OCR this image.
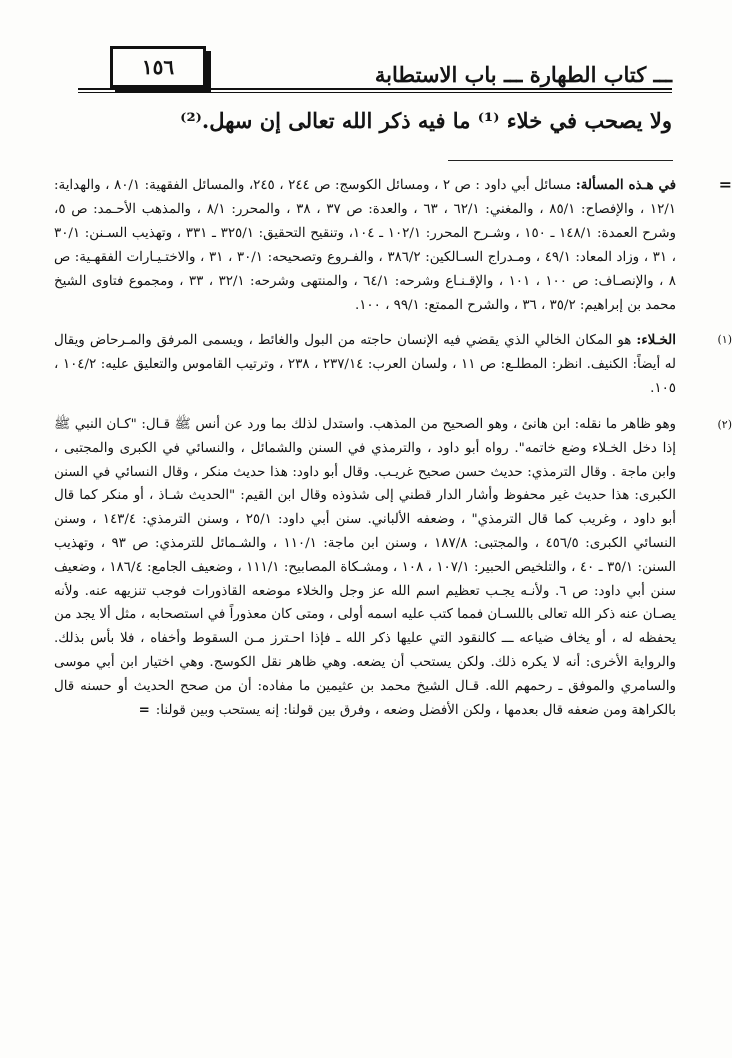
١٥٦	ـــ كتاب الطهارة ـــ باب الاستطابة
ولا يصحب في خلاء ⁽¹⁾ ما فيه ذكر الله تعالى إن سهل.⁽²⁾
=
في هـذه المسألة: مسائل أبي داود : ص ٢ ، ومسائل الكوسج: ص ٢٤٤ ، ٢٤٥، والمسائل الفقهية: ٨٠/١ ، والهداية: ١٢/١ ، والإفصاح: ٨٥/١ ، والمغني: ٦٢/١ ، ٦٣ ، والعدة: ص ٣٧ ، ٣٨ ، والمحرر: ٨/١ ، والمذهب الأحـمد: ص ٥، وشرح العمدة: ١٤٨/١ ـ ١٥٠ ، وشـرح المحرر: ١٠٢/١ ـ ١٠٤، وتنقيح التحقيق: ٣٢٥/١ ـ ٣٣١ ، وتهذيب السـنن: ٣٠/١ ، ٣١ ، وزاد المعاد: ٤٩/١ ، ومـدراج السـالكين: ٣٨٦/٢ ، والفـروع وتصحيحه: ٣٠/١ ، ٣١ ، والاختـيـارات الفقهـية: ص ٨ ، والإنصـاف: ص ١٠٠ ، ١٠١ ، والإقـنـاع وشرحه: ٦٤/١ ، والمنتهى وشرحه: ٣٢/١ ، ٣٣ ، ومجموع فتاوى الشيخ محمد بن إبراهيم: ٣٥/٢ ، ٣٦ ، والشرح الممتع: ٩٩/١ ، ١٠٠.
(١)
الخـلاء: هو المكان الخالي الذي يقضي فيه الإنسان حاجته من البول والغائط ، ويسمى المرفق والمـرحاض ويقال له أيضاً: الكنيف. انظر: المطلـع: ص ١١ ، ولسان العرب: ٢٣٧/١٤ ، ٢٣٨ ، وترتيب القاموس والتعليق عليه: ١٠٤/٢ ، ١٠٥.
(٢)
وهو ظاهر ما نقله: ابن هانئ ، وهو الصحيح من المذهب. واستدل لذلك بما ورد عن أنس ﷺ قـال: "كـان النبي ﷺ إذا دخل الخـلاء وضع خاتمه". رواه أبو داود ، والترمذي في السنن والشمائل ، والنسائي في الكبرى والمجتبى ، وابن ماجة . وقال الترمذي: حديث حسن صحيح غريـب. وقال أبو داود: هذا حديث منكر ، وقال النسائي في السنن الكبرى: هذا حديث غير محفوظ وأشار الدار قطني إلى شذوذه وقال ابن القيم: "الحديث شـاذ ، أو منكر كما قال أبو داود ، وغريب كما قال الترمذي" ، وضعفه الألباني. سنن أبي داود: ٢٥/١ ، وسنن الترمذي: ١٤٣/٤ ، وسنن النسائي الكبرى: ٤٥٦/٥ ، والمجتبى: ١٨٧/٨ ، وسنن ابن ماجة: ١١٠/١ ، والشـمائل للترمذي: ص ٩٣ ، وتهذيب السنن: ٣٥/١ ـ ٤٠ ، والتلخيص الحبير: ١٠٧/١ ، ١٠٨ ، ومشـكاة المصابيح: ١١١/١ ، وضعيف الجامع: ١٨٦/٤ ، وضعيف سنن أبي داود: ص ٦. ولأنـه يجـب تعظيم اسم الله عز وجل والخلاء موضعه القاذورات فوجب تنزيهه عنه. ولأنه يصـان عنه ذكر الله تعالى باللسـان فمما كتب عليه اسمه أولى ، ومتى كان معذوراً في استصحابه ، مثل ألا يجد من يحفظه له ، أو يخاف ضياعه ـــ كالنقود التي عليها ذكر الله ـ فإذا احـترز مـن السقوط وأخفاه ، فلا بأس بذلك. والرواية الأخرى: أنه لا يكره ذلك. ولكن يستحب أن يضعه. وهي ظاهر نقل الكوسج. وهي اختيار ابن أبي موسى والسامري والموفق ـ رحمهم الله. قـال الشيخ محمد بن عثيمين ما مفاده: أن من صحح الحديث أو حسنه قال بالكراهة ومن ضعفه قال بعدمها ، ولكن الأفضل وضعه ، وفرق بين قولنا: إنه يستحب وبين قولنا:=
